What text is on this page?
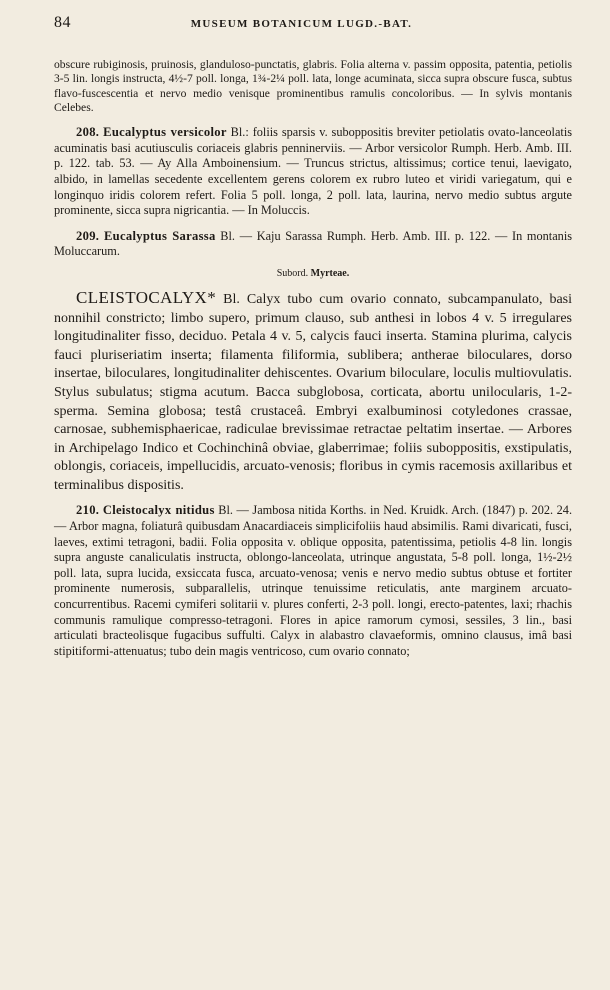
84	MUSEUM BOTANICUM LUGD.-BAT.

obscure rubiginosis, pruinosis, glanduloso-punctatis, glabris. Folia alterna v. passim opposita, patentia, petiolis 3-5 lin. longis instructa, 4½-7 poll. longa, 1¾-2¼ poll. lata, longe acuminata, sicca supra obscure fusca, subtus flavo-fuscescentia et nervo medio venisque prominentibus ramulis concoloribus. — In sylvis montanis Celebes.

208. Eucalyptus versicolor Bl.: foliis sparsis v. suboppositis breviter petiolatis ovato-lanceolatis acuminatis basi acutiusculis coriaceis glabris penninerviis. — Arbor versicolor Rumph. Herb. Amb. III. p. 122. tab. 53. — Ay Alla Amboinensium. — Truncus strictus, altissimus; cortice tenui, laevigato, albido, in lamellas secedente excellentem gerens colorem ex rubro luteo et viridi variegatum, qui e longinquo iridis colorem refert. Folia 5 poll. longa, 2 poll. lata, laurina, nervo medio subtus argute prominente, sicca supra nigricantia. — In Moluccis.

209. Eucalyptus Sarassa Bl. — Kaju Sarassa Rumph. Herb. Amb. III. p. 122. — In montanis Moluccarum.

Subord. Myrteae.

CLEISTOCALYX* Bl. Calyx tubo cum ovario connato, subcampanulato, basi nonnihil constricto; limbo supero, primum clauso, sub anthesi in lobos 4 v. 5 irregulares longitudinaliter fisso, deciduo. Petala 4 v. 5, calycis fauci inserta. Stamina plurima, calycis fauci pluriseriatim inserta; filamenta filiformia, sublibera; antherae biloculares, dorso insertae, biloculares, longitudinaliter dehiscentes. Ovarium biloculare, loculis multiovulatis. Stylus subulatus; stigma acutum. Bacca subglobosa, corticata, abortu unilocularis, 1-2-sperma. Semina globosa; testâ crustaceâ. Embryi exalbuminosi cotyledones crassae, carnosae, subhemisphaericae, radiculae brevissimae retractae peltatim insertae. — Arbores in Archipelago Indico et Cochinchinâ obviae, glaberrimae; foliis suboppositis, exstipulatis, oblongis, coriaceis, impellucidis, arcuato-venosis; floribus in cymis racemosis axillaribus et terminalibus dispositis.

210. Cleistocalyx nitidus Bl. — Jambosa nitida Korths. in Ned. Kruidk. Arch. (1847) p. 202. 24. — Arbor magna, foliaturâ quibusdam Anacardiaceis simplicifoliis haud absimilis. Rami divaricati, fusci, laeves, extimi tetragoni, badii. Folia opposita v. oblique opposita, patentissima, petiolis 4-8 lin. longis supra anguste canaliculatis instructa, oblongo-lanceolata, utrinque angustata, 5-8 poll. longa, 1½-2½ poll. lata, supra lucida, exsiccata fusca, arcuato-venosa; venis e nervo medio subtus obtuse et fortiter prominente numerosis, subparallelis, utrinque tenuissime reticulatis, ante marginem arcuato-concurrentibus. Racemi cymiferi solitarii v. plures conferti, 2-3 poll. longi, erecto-patentes, laxi; rhachis communis ramulique compresso-tetragoni. Flores in apice ramorum cymosi, sessiles, 3 lin., basi articulati bracteolisque fugacibus suffulti. Calyx in alabastro clavaeformis, omnino clausus, imâ basi stipitiformi-attenuatus; tubo dein magis ventricoso, cum ovario connato;
